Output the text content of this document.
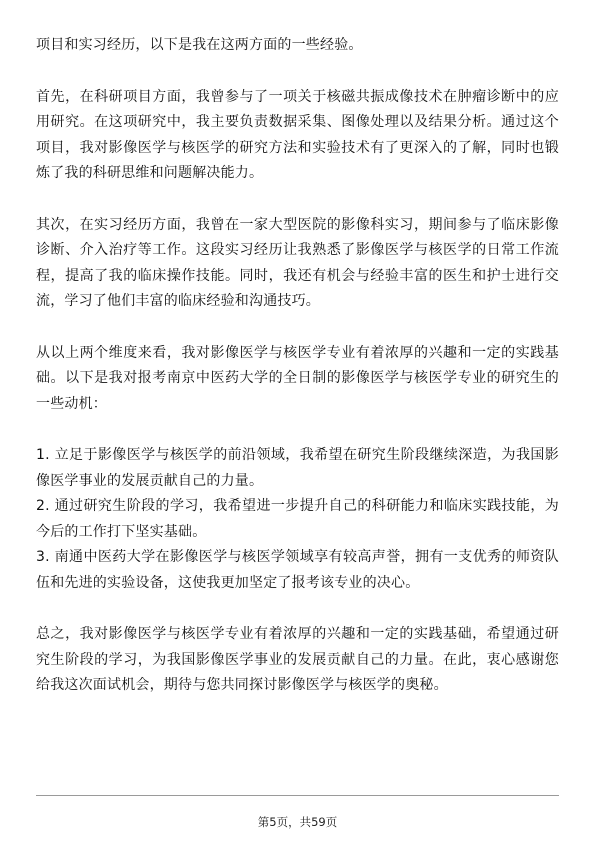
项目和实习经历，以下是我在这两方面的一些经验。

首先，在科研项目方面，我曾参与了一项关于核磁共振成像技术在肿瘤诊断中的应用研究。在这项研究中，我主要负责数据采集、图像处理以及结果分析。通过这个项目，我对影像医学与核医学的研究方法和实验技术有了更深入的了解，同时也锻炼了我的科研思维和问题解决能力。

其次，在实习经历方面，我曾在一家大型医院的影像科实习，期间参与了临床影像诊断、介入治疗等工作。这段实习经历让我熟悉了影像医学与核医学的日常工作流程，提高了我的临床操作技能。同时，我还有机会与经验丰富的医生和护士进行交流，学习了他们丰富的临床经验和沟通技巧。

从以上两个维度来看，我对影像医学与核医学专业有着浓厚的兴趣和一定的实践基础。以下是我对报考南京中医药大学的全日制的影像医学与核医学专业的研究生的一些动机：

1. 立足于影像医学与核医学的前沿领域，我希望在研究生阶段继续深造，为我国影像医学事业的发展贡献自己的力量。

2. 通过研究生阶段的学习，我希望进一步提升自己的科研能力和临床实践技能，为今后的工作打下坚实基础。

3. 南通中医药大学在影像医学与核医学领域享有较高声誉，拥有一支优秀的师资队伍和先进的实验设备，这使我更加坚定了报考该专业的决心。

总之，我对影像医学与核医学专业有着浓厚的兴趣和一定的实践基础，希望通过研究生阶段的学习，为我国影像医学事业的发展贡献自己的力量。在此，衷心感谢您给我这次面试机会，期待与您共同探讨影像医学与核医学的奥秘。

第5页，共59页
